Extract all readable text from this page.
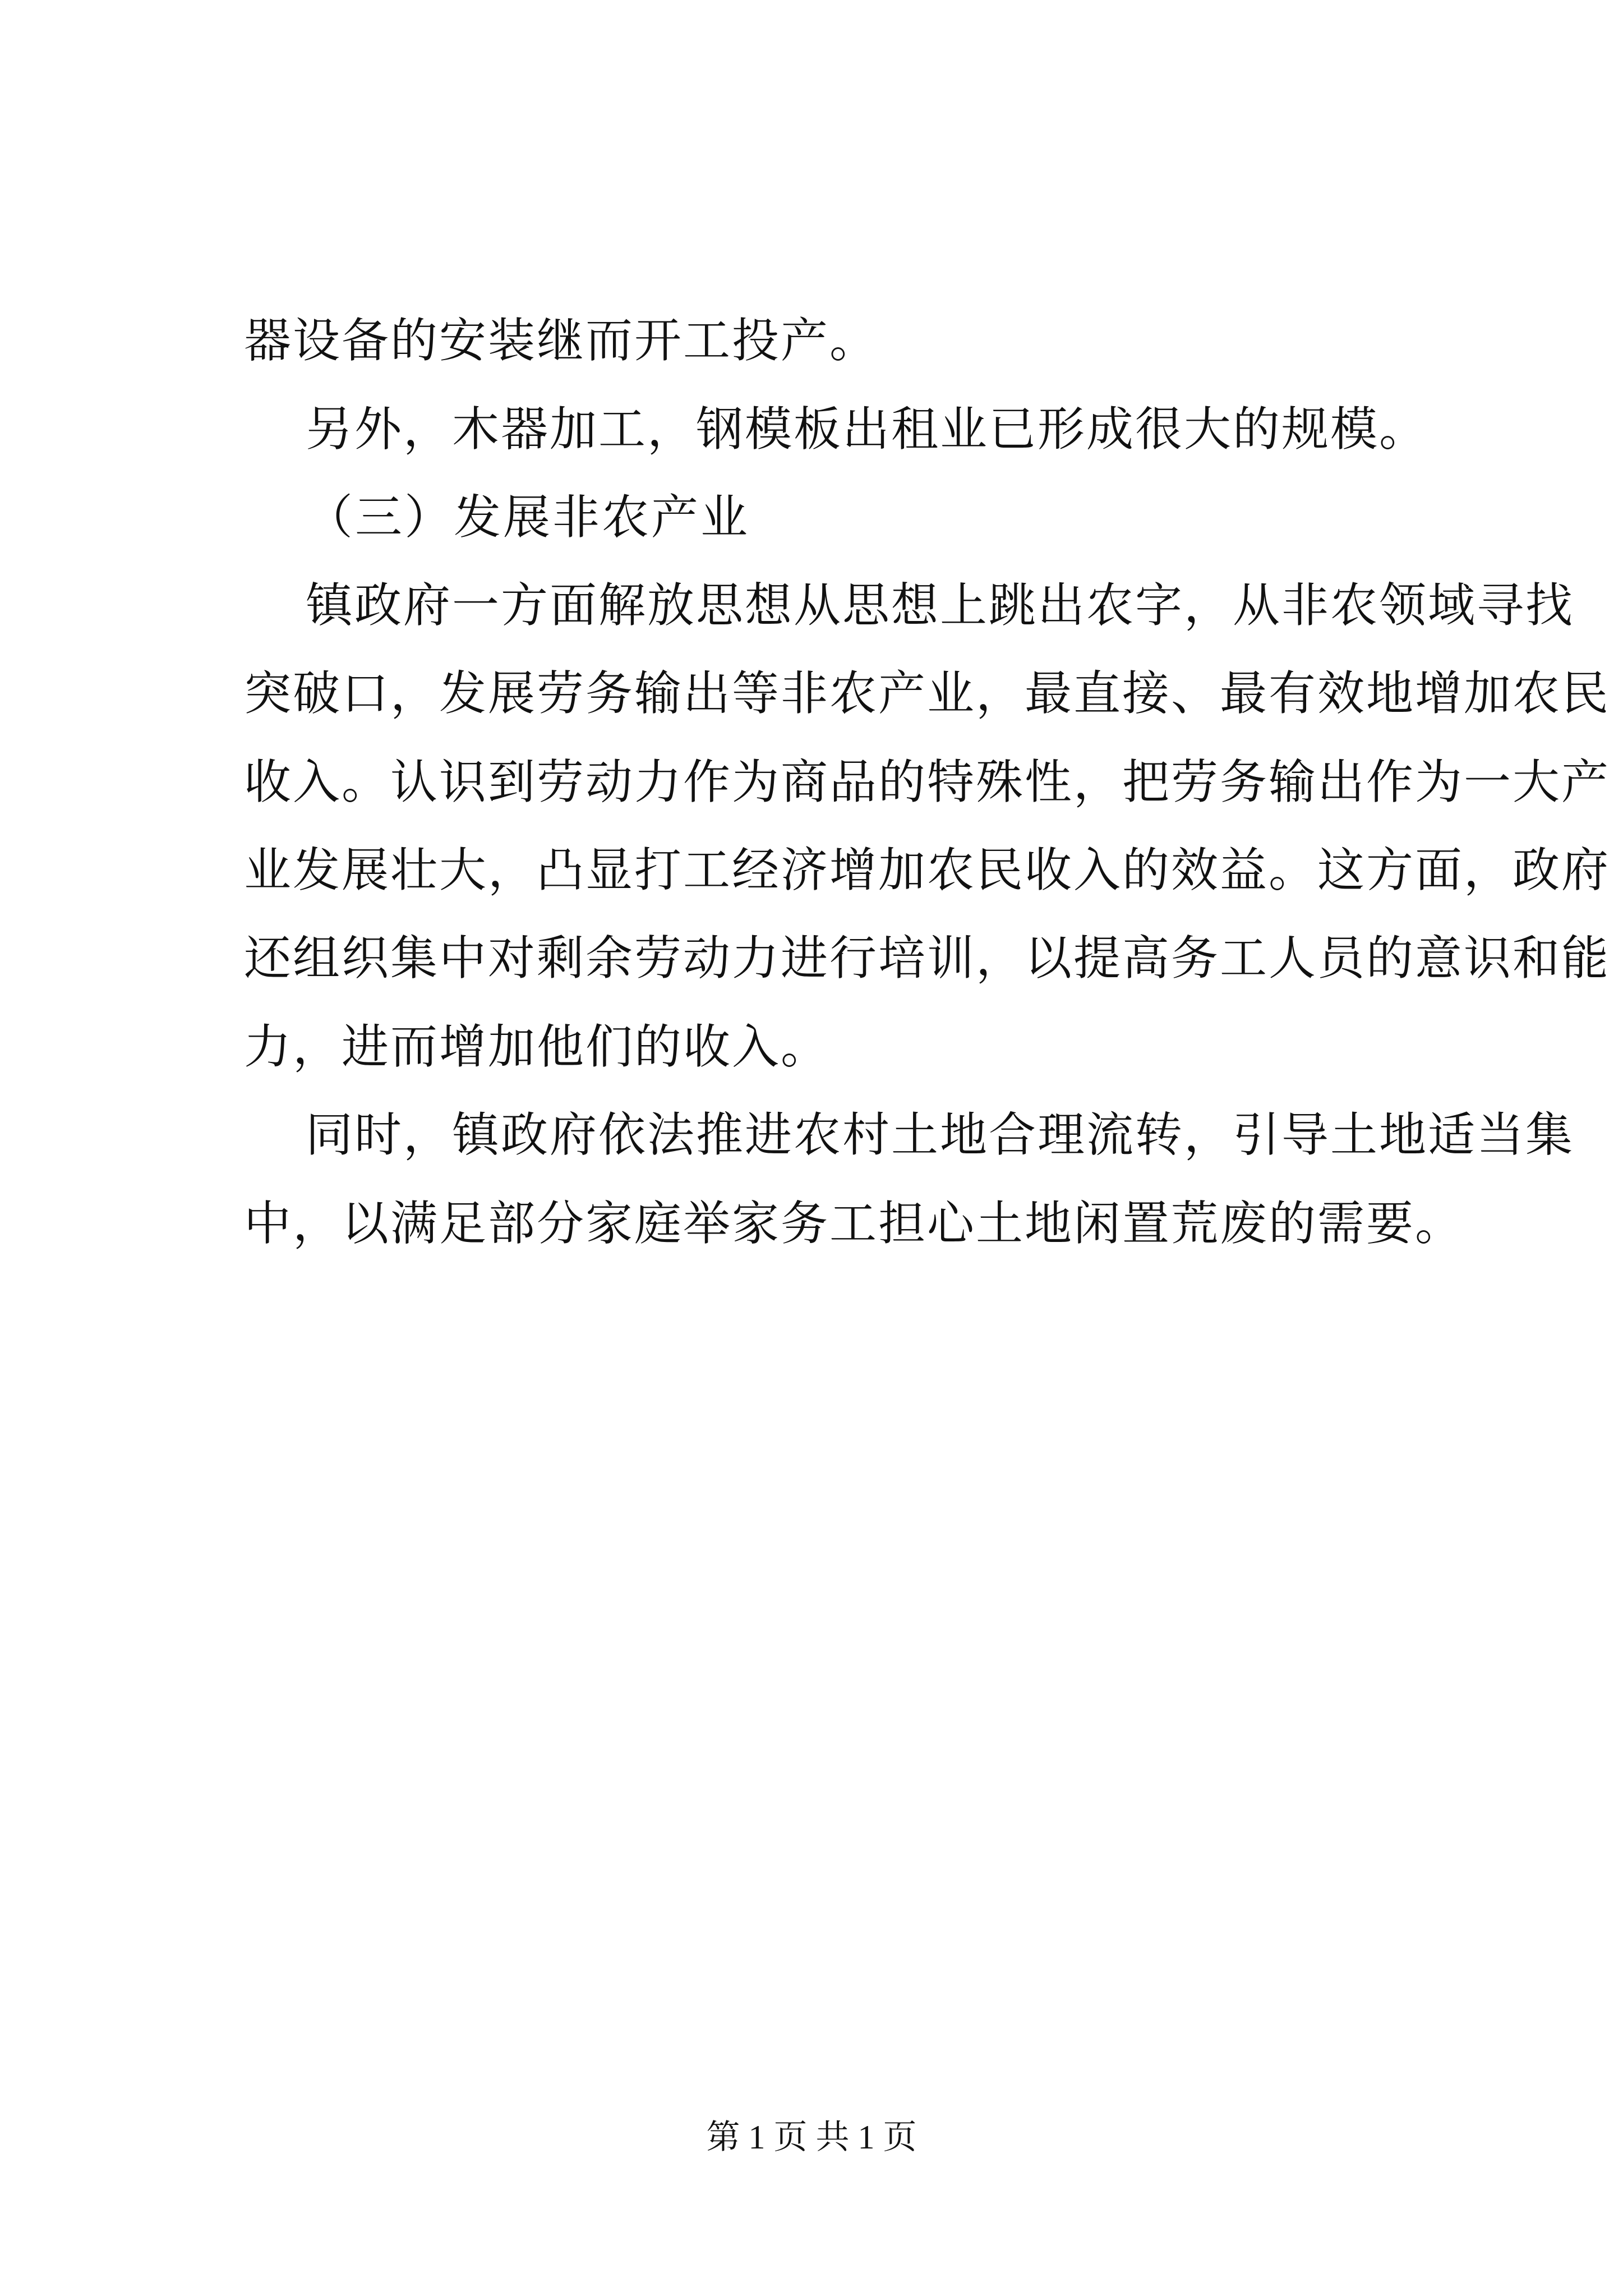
器设备的安装继而开工投产。
另外，木器加工，钢模板出租业已形成很大的规模。
（三）发展非农产业
镇政府一方面解放思想从思想上跳出农字，从非农领域寻找
突破口，发展劳务输出等非农产业，最直接、最有效地增加农民
收入。认识到劳动力作为商品的特殊性，把劳务输出作为一大产
业发展壮大，凸显打工经济增加农民收入的效益。这方面，政府
还组织集中对剩余劳动力进行培训，以提高务工人员的意识和能
力，进而增加他们的收入。
同时，镇政府依法推进农村土地合理流转，引导土地适当集
中，以满足部分家庭举家务工担心土地闲置荒废的需要。
第 1 页 共 1 页
